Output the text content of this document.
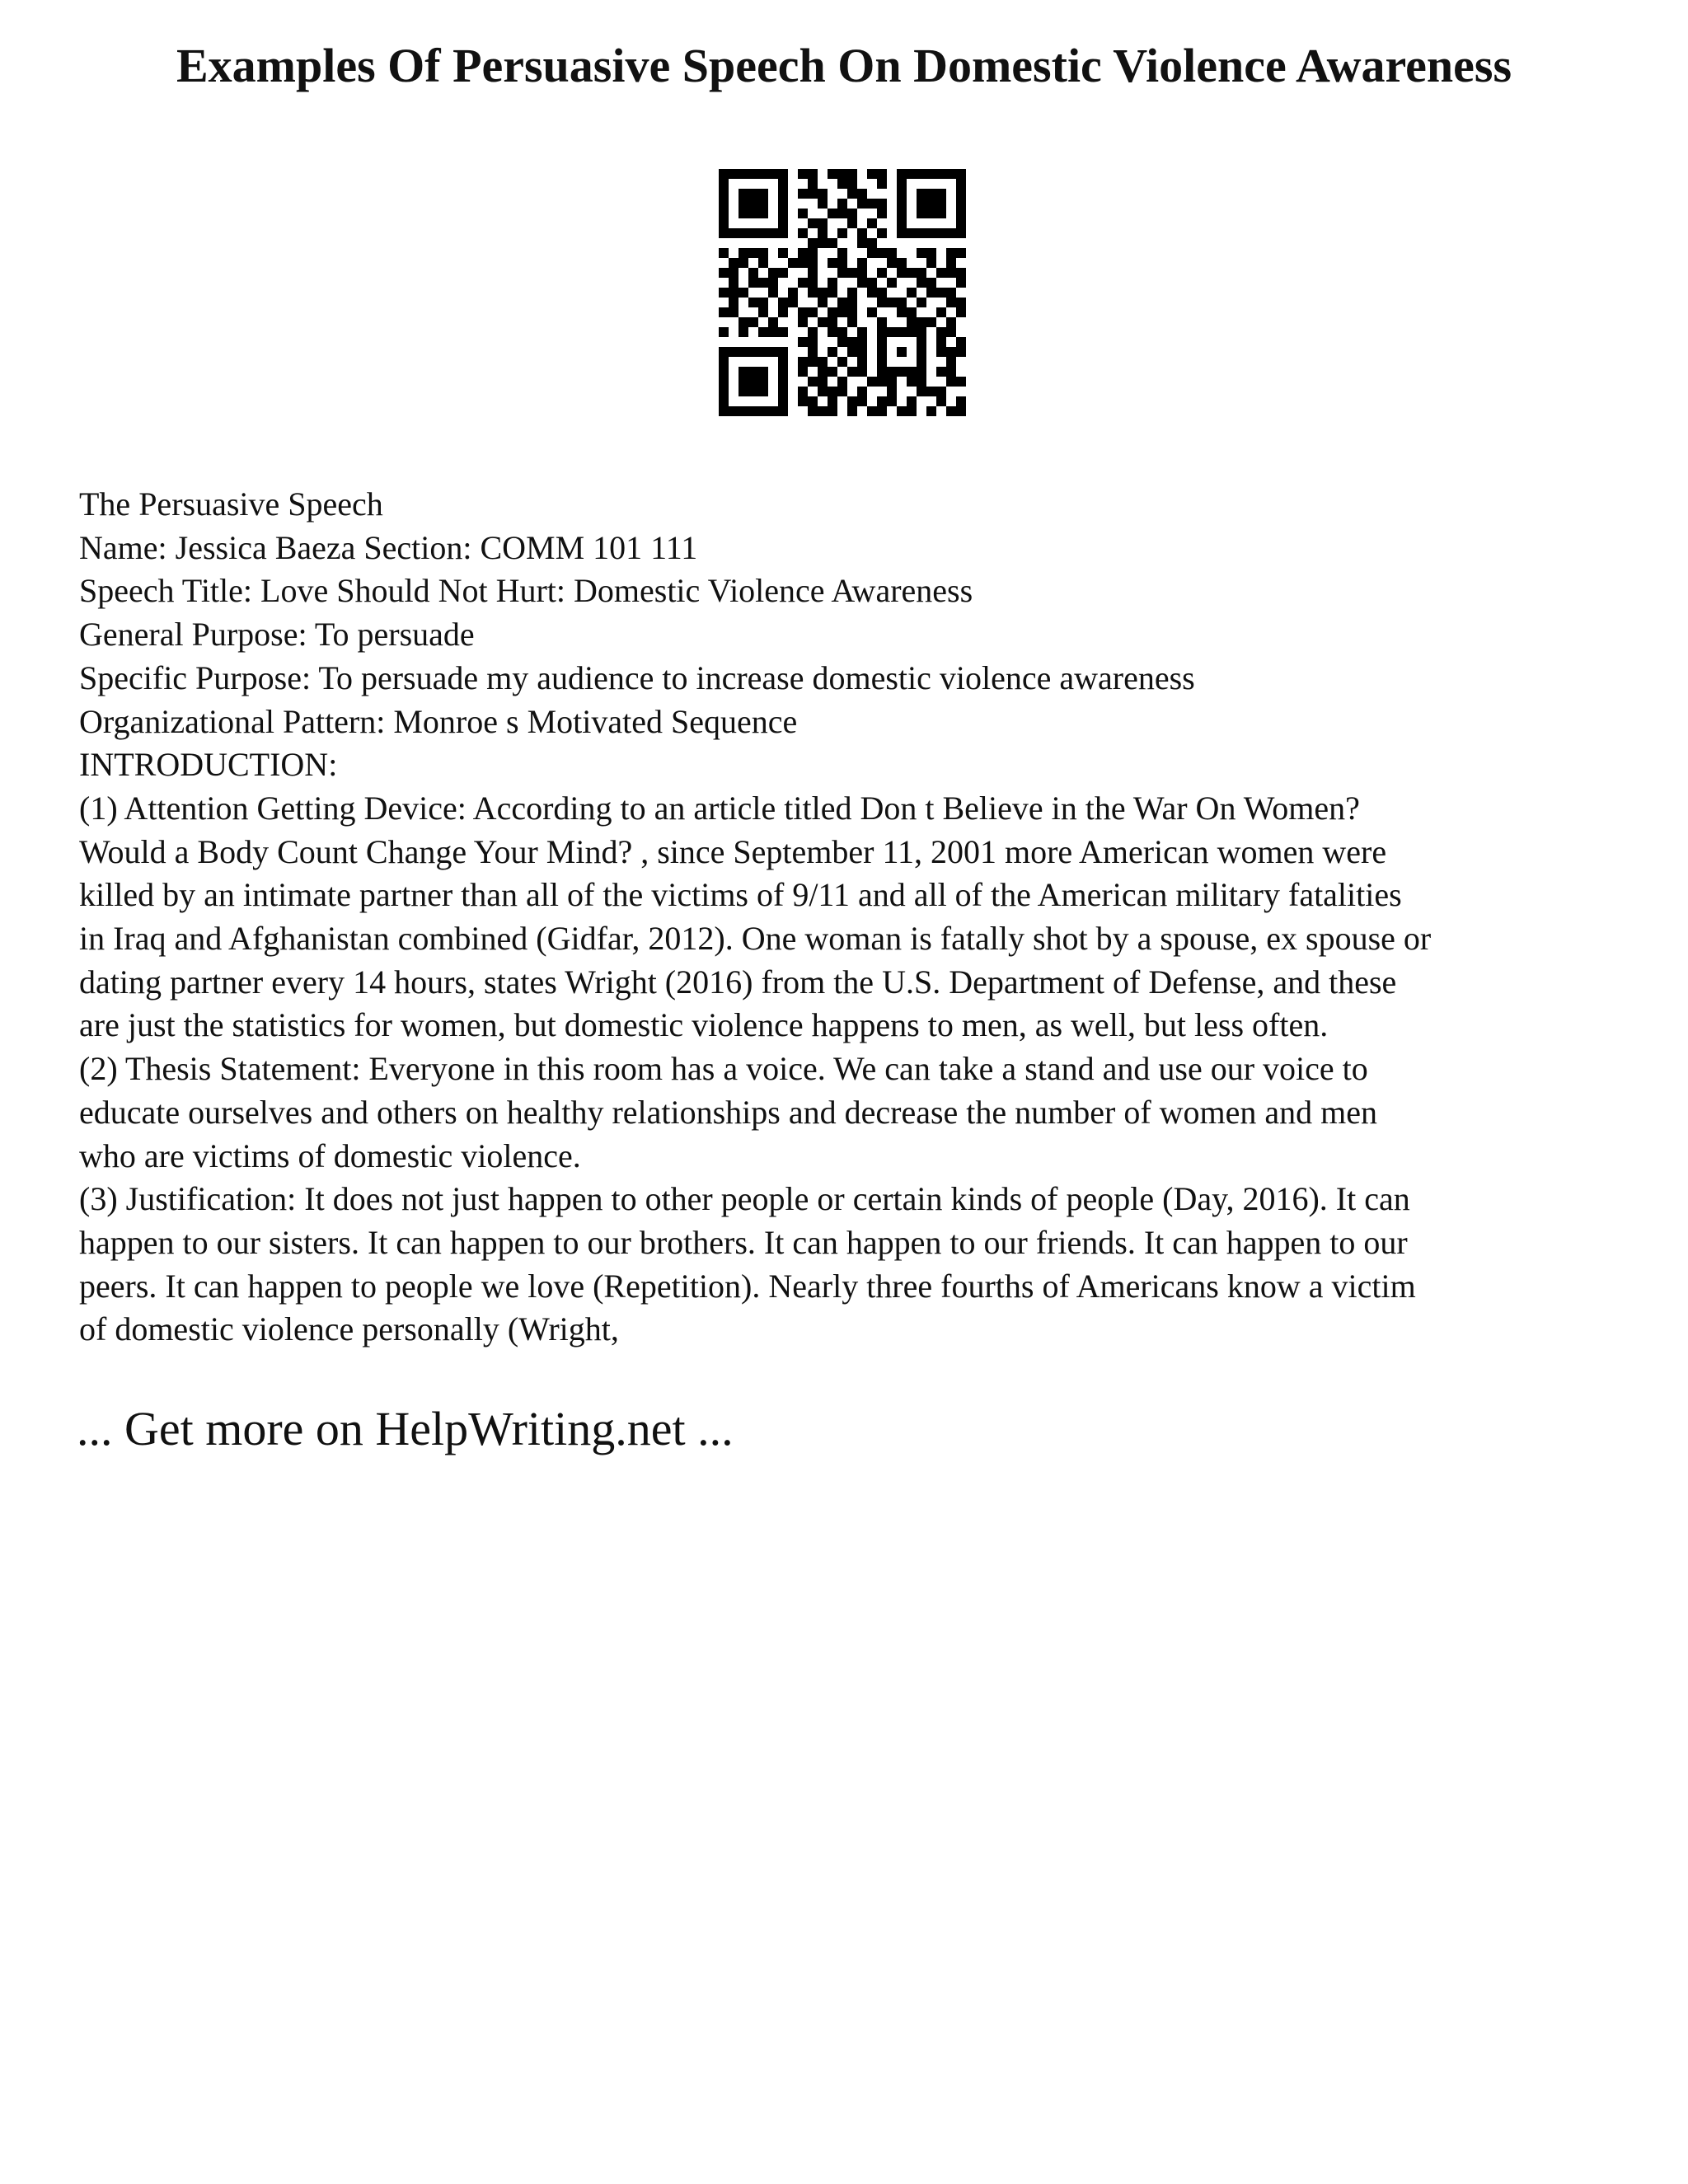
Examples Of Persuasive Speech On Domestic Violence Awareness
The Persuasive Speech
Name: Jessica Baeza Section: COMM 101 111
Speech Title: Love Should Not Hurt: Domestic Violence Awareness
General Purpose: To persuade
Specific Purpose: To persuade my audience to increase domestic violence awareness
Organizational Pattern: Monroe s Motivated Sequence
INTRODUCTION:
(1) Attention Getting Device: According to an article titled Don t Believe in the War On Women?
Would a Body Count Change Your Mind? , since September 11, 2001 more American women were
killed by an intimate partner than all of the victims of 9/11 and all of the American military fatalities
in Iraq and Afghanistan combined (Gidfar, 2012). One woman is fatally shot by a spouse, ex spouse or
dating partner every 14 hours, states Wright (2016) from the U.S. Department of Defense, and these
are just the statistics for women, but domestic violence happens to men, as well, but less often.
(2) Thesis Statement: Everyone in this room has a voice. We can take a stand and use our voice to
educate ourselves and others on healthy relationships and decrease the number of women and men
who are victims of domestic violence.
(3) Justification: It does not just happen to other people or certain kinds of people (Day, 2016). It can
happen to our sisters. It can happen to our brothers. It can happen to our friends. It can happen to our
peers. It can happen to people we love (Repetition). Nearly three fourths of Americans know a victim
of domestic violence personally (Wright,
... Get more on HelpWriting.net ...
